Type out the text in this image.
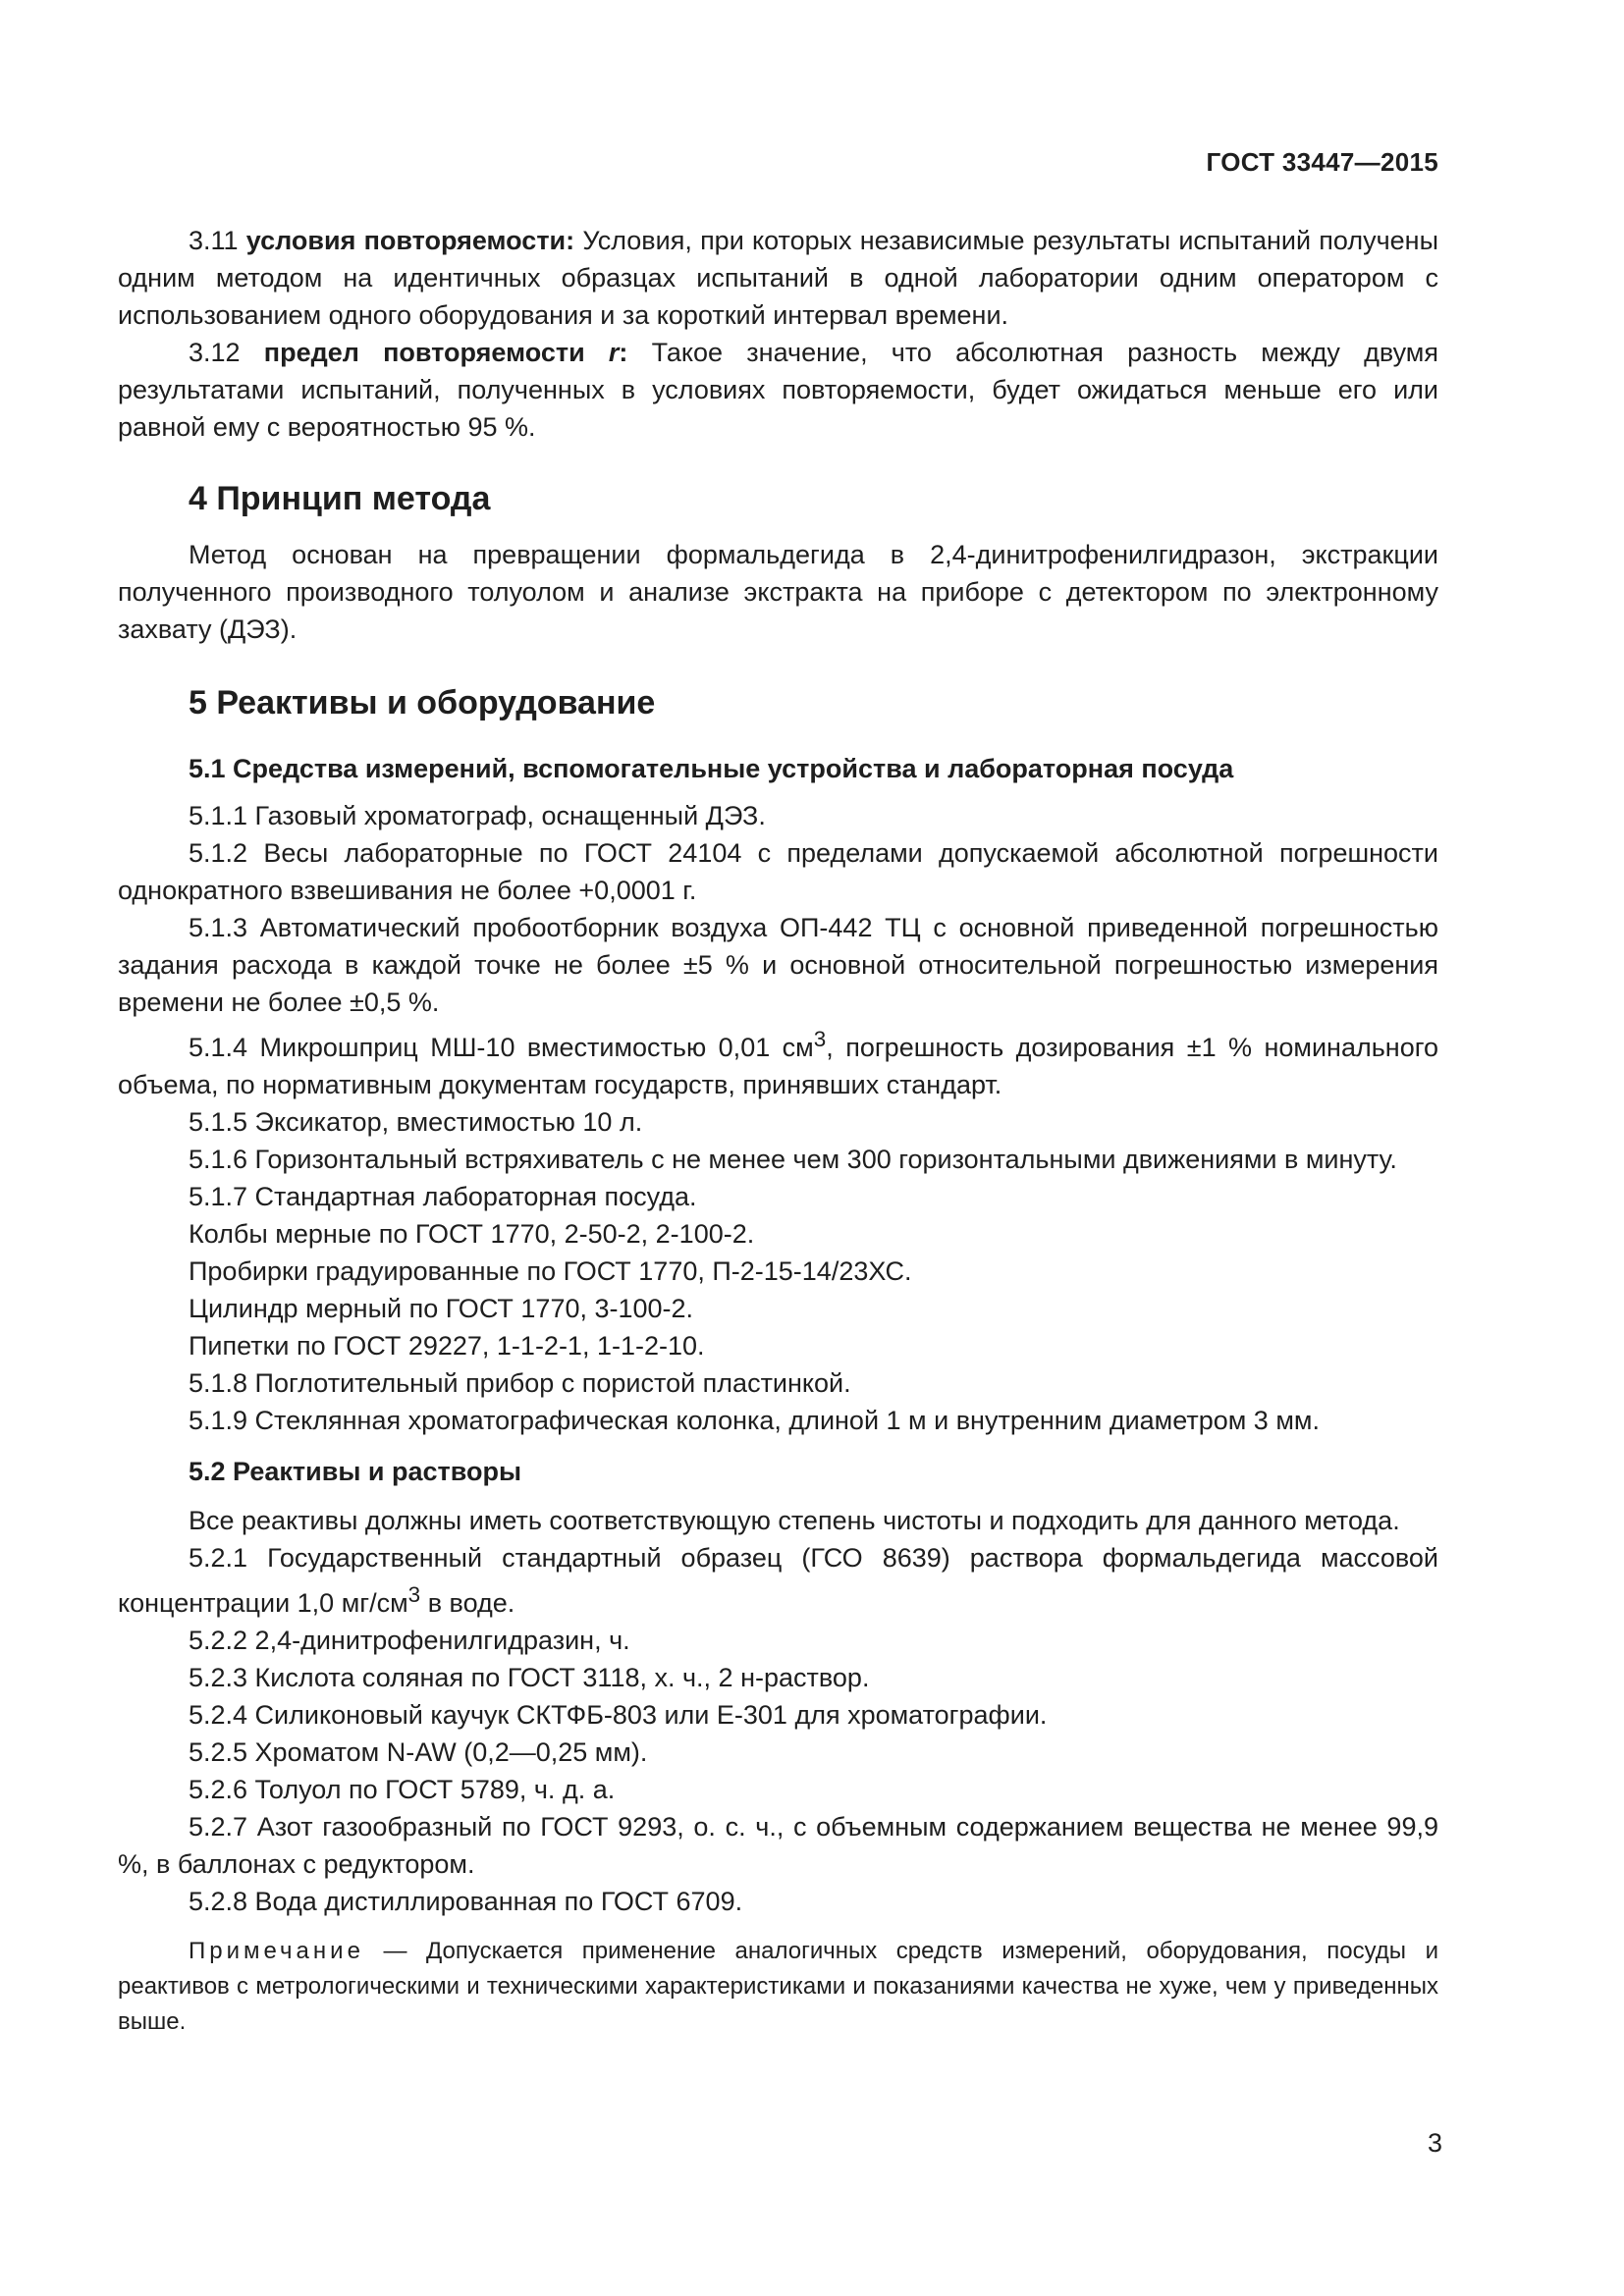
ГОСТ 33447—2015

3.11 условия повторяемости: Условия, при которых независимые результаты испытаний получены одним методом на идентичных образцах испытаний в одной лаборатории одним оператором с использованием одного оборудования и за короткий интервал времени.

3.12 предел повторяемости r: Такое значение, что абсолютная разность между двумя результатами испытаний, полученных в условиях повторяемости, будет ожидаться меньше его или равной ему с вероятностью 95 %.

4 Принцип метода

Метод основан на превращении формальдегида в 2,4-динитрофенилгидразон, экстракции полученного производного толуолом и анализе экстракта на приборе с детектором по электронному захвату (ДЭЗ).

5 Реактивы и оборудование
5.1 Средства измерений, вспомогательные устройства и лабораторная посуда

5.1.1 Газовый хроматограф, оснащенный ДЭЗ.

5.1.2 Весы лабораторные по ГОСТ 24104 с пределами допускаемой абсолютной погрешности однократного взвешивания не более +0,0001 г.

5.1.3 Автоматический пробоотборник воздуха ОП-442 ТЦ с основной приведенной погрешностью задания расхода в каждой точке не более ±5 % и основной относительной погрешностью измерения времени не более ±0,5 %.

5.1.4 Микрошприц МШ-10 вместимостью 0,01 $см^3$, погрешность дозирования ±1 % номинального объема, по нормативным документам государств, принявших стандарт.

5.1.5 Эксикатор, вместимостью 10 л.

5.1.6 Горизонтальный встряхиватель с не менее чем 300 горизонтальными движениями в минуту.

5.1.7 Стандартная лабораторная посуда.

Колбы мерные по ГОСТ 1770, 2-50-2, 2-100-2.

Пробирки градуированные по ГОСТ 1770, П-2-15-14/23ХС.

Цилиндр мерный по ГОСТ 1770, 3-100-2.

Пипетки по ГОСТ 29227, 1-1-2-1, 1-1-2-10.

5.1.8 Поглотительный прибор с пористой пластинкой.

5.1.9 Стеклянная хроматографическая колонка, длиной 1 м и внутренним диаметром 3 мм.

5.2 Реактивы и растворы

Все реактивы должны иметь соответствующую степень чистоты и подходить для данного метода.

5.2.1 Государственный стандартный образец (ГСО 8639) раствора формальдегида массовой концентрации 1,0 $мг/см^3$ в воде.

5.2.2 2,4-динитрофенилгидразин, ч.

5.2.3 Кислота соляная по ГОСТ 3118, х. ч., 2 н-раствор.

5.2.4 Силиконовый каучук СКТФБ-803 или Е-301 для хроматографии.

5.2.5 Хроматом N-AW (0,2—0,25 мм).

5.2.6 Толуол по ГОСТ 5789, ч. д. а.

5.2.7 Азот газообразный по ГОСТ 9293, о. с. ч., с объемным содержанием вещества не менее 99,9 %, в баллонах с редуктором.

5.2.8 Вода дистиллированная по ГОСТ 6709.

Примечание — Допускается применение аналогичных средств измерений, оборудования, посуды и реактивов с метрологическими и техническими характеристиками и показаниями качества не хуже, чем у приведенных выше.

3
